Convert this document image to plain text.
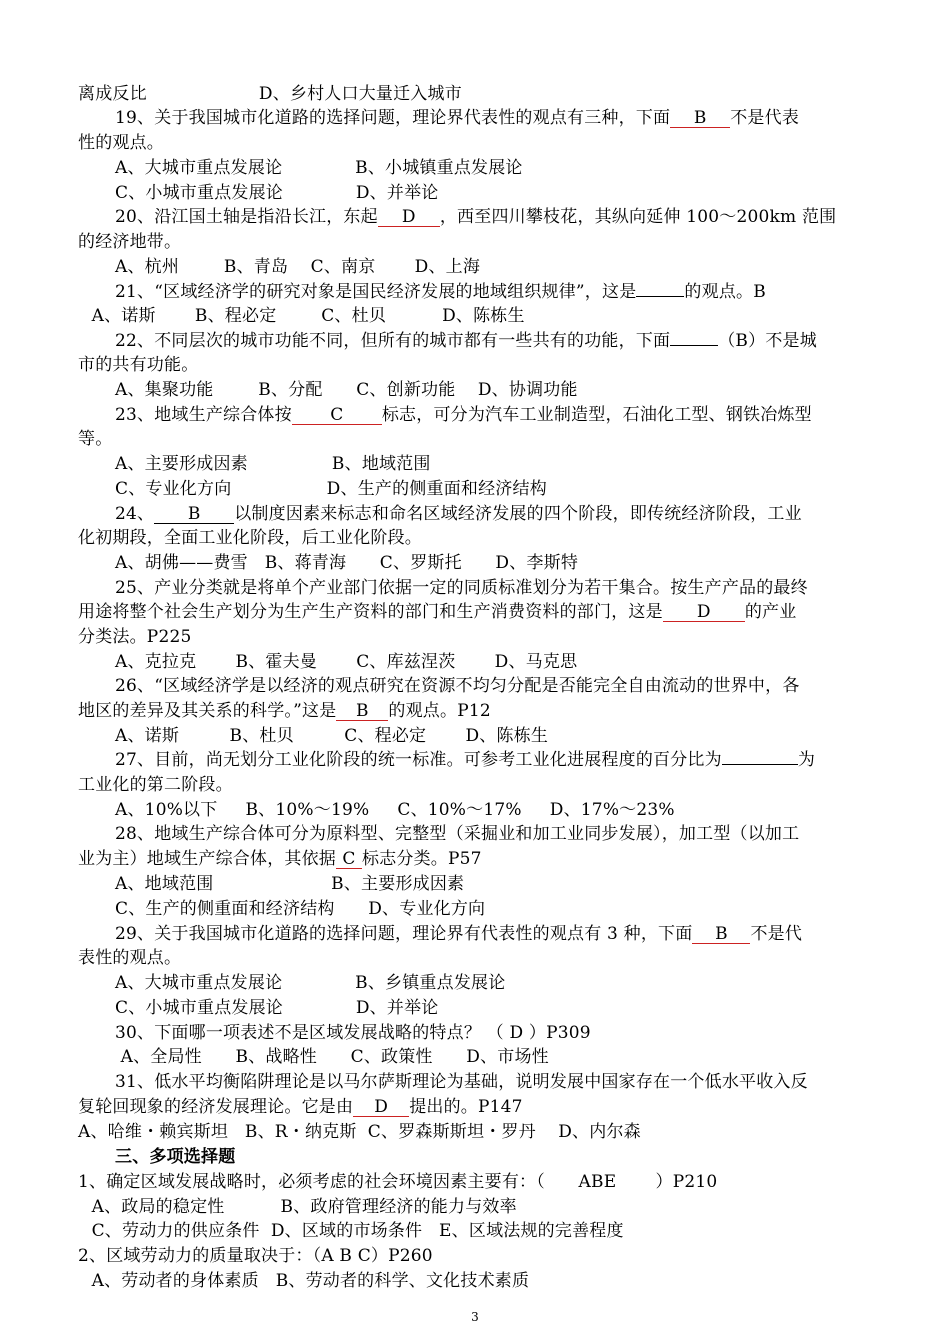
离成反比                    D、乡村人口大量迁入城市
19、关于我国城市化道路的选择问题，理论界代表性的观点有三种，下面 B 不是代表
性的观点。
A、大城市重点发展论             B、小城镇重点发展论
C、小城市重点发展论             D、并举论
20、沿江国土轴是指沿长江，东起 D ，西至四川攀枝花，其纵向延伸 100～200km 范围
的经济地带。
A、杭州        B、青岛    C、南京       D、上海
21、“区域经济学的研究对象是国民经济发展的地域组织规律”，这是	的观点。B
A、诺斯       B、程必定        C、杜贝          D、陈栋生
22、不同层次的城市功能不同，但所有的城市都有一些共有的功能，下面	（B）不是城
市的共有功能。
A、集聚功能        B、分配      C、创新功能    D、协调功能
23、地域生产综合体按 C 标志，可分为汽车工业制造型，石油化工型、钢铁冶炼型
等。
A、主要形成因素               B、地域范围
C、专业化方向                 D、生产的侧重面和经济结构
24、 B 以制度因素来标志和命名区域经济发展的四个阶段，即传统经济阶段，工业
化初期段，全面工业化阶段，后工业化阶段。
A、胡佛——费雪   B、蒋青海      C、罗斯托      D、李斯特
25、产业分类就是将单个产业部门依据一定的同质标准划分为若干集合。按生产产品的最终
用途将整个社会生产划分为生产生产资料的部门和生产消费资料的部门，这是 D 的产业
分类法。P225
A、克拉克       B、霍夫曼       C、库兹涅茨       D、马克思
26、“区域经济学是以经济的观点研究在资源不均匀分配是否能完全自由流动的世界中，各
地区的差异及其关系的科学。”这是 B 的观点。P12
A、诺斯         B、杜贝         C、程必定       D、陈栋生
27、目前，尚无划分工业化阶段的统一标准。可参考工业化进展程度的百分比为	为
工业化的第二阶段。
A、10%以下     B、10%～19%     C、10%～17%     D、17%～23%
28、地域生产综合体可分为原料型、完整型（采掘业和加工业同步发展），加工型（以加工
业为主）地域生产综合体，其依据 C 标志分类。P57
A、地域范围                     B、主要形成因素
C、生产的侧重面和经济结构      D、专业化方向
29、关于我国城市化道路的选择问题，理论界有代表性的观点有 3 种，下面 B 不是代
表性的观点。
A、大城市重点发展论             B、乡镇重点发展论
C、小城市重点发展论             D、并举论
30、下面哪一项表述不是区域发展战略的特点？ （ D ）P309
A、全局性      B、战略性      C、政策性      D、市场性
31、低水平均衡陷阱理论是以马尔萨斯理论为基础，说明发展中国家存在一个低水平收入反
复轮回现象的经济发展理论。它是由 D 提出的。P147
A、哈维・赖宾斯坦   B、R・纳克斯  C、罗森斯斯坦・罗丹    D、内尔森
三、多项选择题
1、确定区域发展战略时，必须考虑的社会环境因素主要有：（      ABE       ）P210
A、政局的稳定性          B、政府管理经济的能力与效率
C、劳动力的供应条件  D、区域的市场条件   E、区域法规的完善程度
2、区域劳动力的质量取决于：（A B C）P260
A、劳动者的身体素质   B、劳动者的科学、文化技术素质
3
